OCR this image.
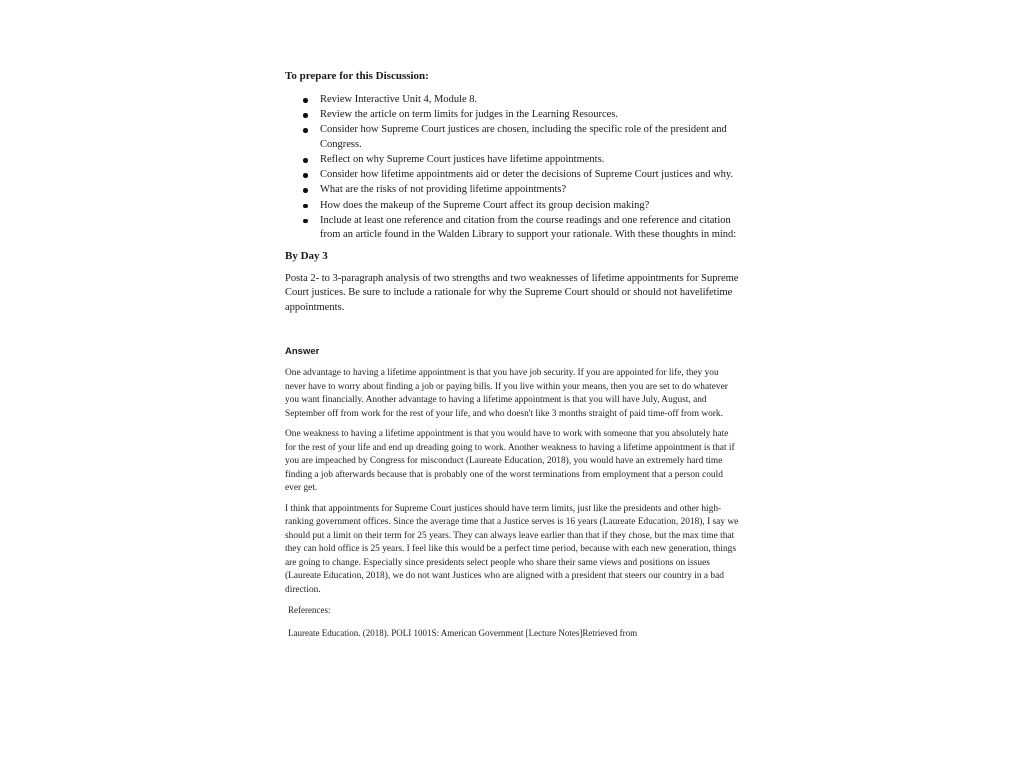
To prepare for this Discussion:

Review Interactive Unit 4, Module 8.
Review the article on term limits for judges in the Learning Resources.
Consider how Supreme Court justices are chosen, including the specific role of the president and Congress.
Reflect on why Supreme Court justices have lifetime appointments.
Consider how lifetime appointments aid or deter the decisions of Supreme Court justices and why.
What are the risks of not providing lifetime appointments?
How does the makeup of the Supreme Court affect its group decision making?
Include at least one reference and citation from the course readings and one reference and citation from an article found in the Walden Library to support your rationale. With these thoughts in mind:

By Day 3

Posta 2- to 3-paragraph analysis of two strengths and two weaknesses of lifetime appointments for Supreme Court justices. Be sure to include a rationale for why the Supreme Court should or should not havelifetime appointments.

Answer

One advantage to having a lifetime appointment is that you have job security. If you are appointed for life, they you never have to worry about finding a job or paying bills. If you live within your means, then you are set to do whatever you want financially. Another advantage to having a lifetime appointment is that you will have July, August, and September off from work for the rest of your life, and who doesn't like 3 months straight of paid time-off from work.

One weakness to having a lifetime appointment is that you would have to work with someone that you absolutely hate for the rest of your life and end up dreading going to work. Another weakness to having a lifetime appointment is that if you are impeached by Congress for misconduct (Laureate Education, 2018), you would have an extremely hard time finding a job afterwards because that is probably one of the worst terminations from employment that a person could ever get.

I think that appointments for Supreme Court justices should have term limits, just like the presidents and other high-ranking government offices. Since the average time that a Justice serves is 16 years (Laureate Education, 2018), I say we should put a limit on their term for 25 years. They can always leave earlier than that if they chose, but the max time that they can hold office is 25 years. I feel like this would be a perfect time period, because with each new generation, things are going to change. Especially since presidents select people who share their same views and positions on issues (Laureate Education, 2018), we do not want Justices who are aligned with a president that steers our country in a bad direction.

References:

Laureate Education. (2018). POLI 1001S: American Government [Lecture Notes]Retrieved from
